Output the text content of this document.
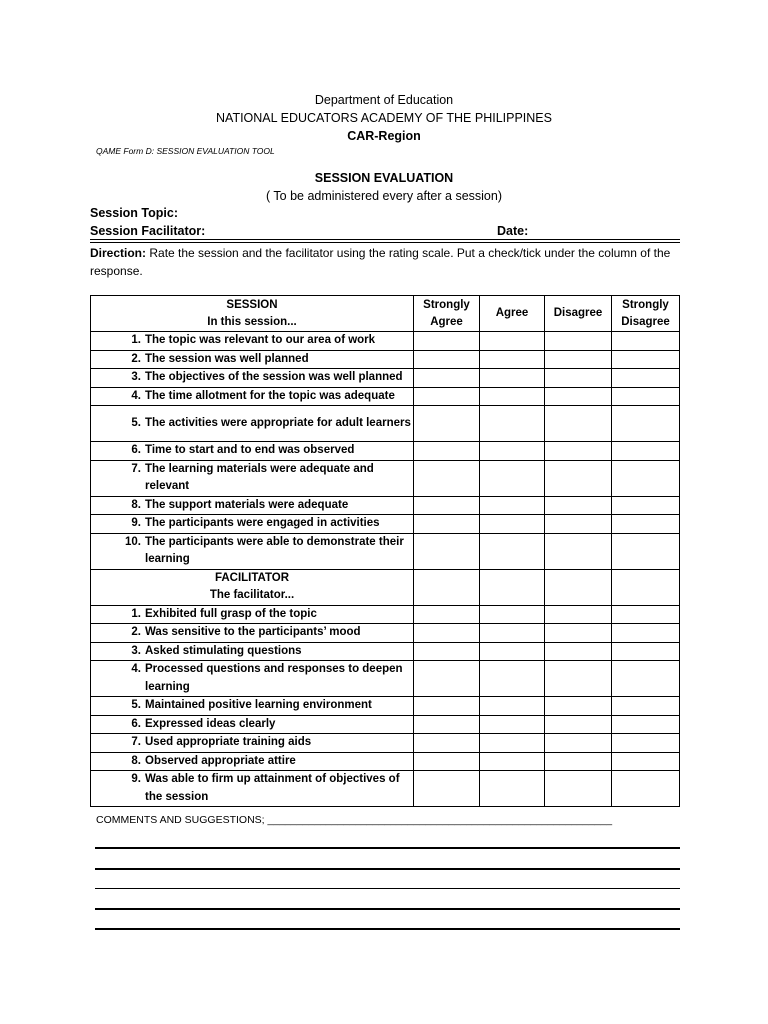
Department of Education
NATIONAL EDUCATORS ACADEMY OF THE PHILIPPINES
CAR-Region
QAME Form D: SESSION EVALUATION TOOL
SESSION EVALUATION
( To be administered every after a session)
Session Topic:
Session Facilitator:	Date:
Direction: Rate the session and the facilitator using the rating scale. Put a check/tick under the column of the response.
SESSION
In this session...	Strongly Agree	Agree	Disagree	Strongly Disagree

1. The topic was relevant to our area of work				

2. The session was well planned				

3. The objectives of the session was well planned				

4. The time allotment for the topic was adequate				

5. The activities were appropriate for adult learners				

6. Time to start and to end was observed				

7. The learning materials were adequate and relevant				

8. The support materials were adequate				

9. The participants were engaged in activities				

10. The participants were able to demonstrate their learning				

FACILITATOR
The facilitator...				

1. Exhibited full grasp of the topic				

2. Was sensitive to the participants’ mood				

3. Asked stimulating questions				

4. Processed questions and responses to deepen learning				

5. Maintained positive learning environment				

6. Expressed ideas clearly				

7. Used appropriate training aids				

8. Observed appropriate attire				

9. Was able to firm up attainment of objectives of the session				

COMMENTS AND SUGGESTIONS; ___________________________________________________________
